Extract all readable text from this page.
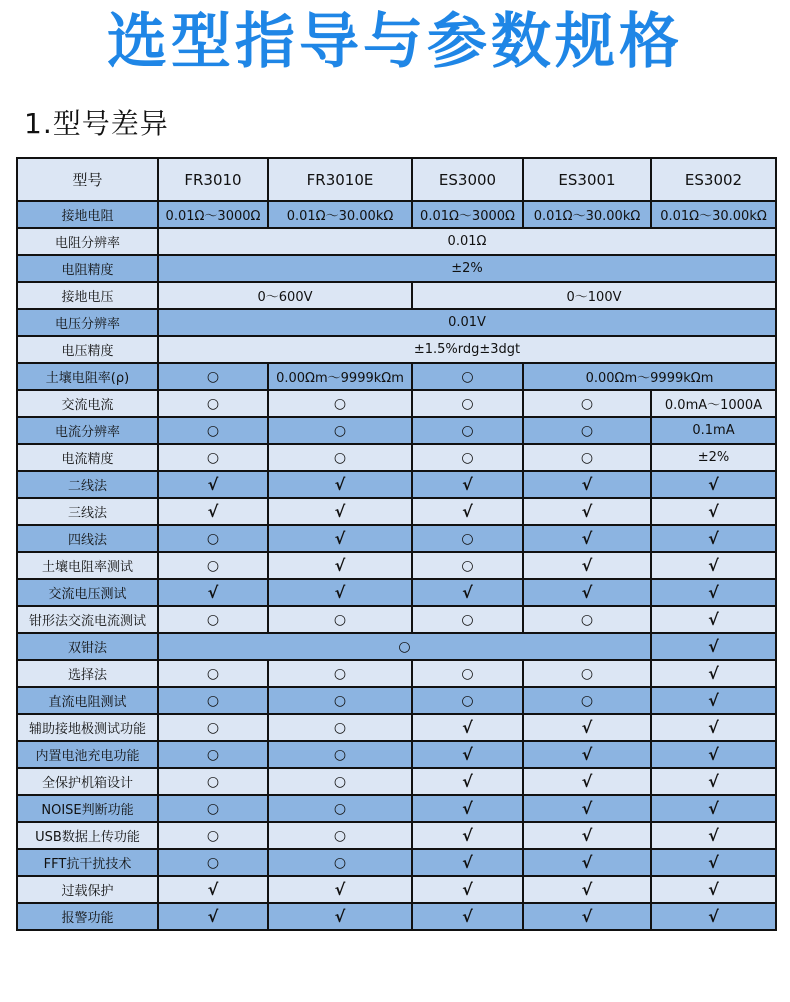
选型指导与参数规格
1.型号差异
型号	FR3010	FR3010E	ES3000	ES3001	ES3002
接地电阻	0.01Ω～3000Ω	0.01Ω～30.00kΩ	0.01Ω～3000Ω	0.01Ω～30.00kΩ	0.01Ω～30.00kΩ
电阻分辨率	0.01Ω				
电阻精度	±2%				
接地电压	0～600V		0～100V		
电压分辨率	0.01V				
电压精度	±1.5%rdg±3dgt				
土壤电阻率(ρ)	○	0.00Ωm～9999kΩm	○	0.00Ωm～9999kΩm	
交流电流	○	○	○	○	0.0mA～1000A
电流分辨率	○	○	○	○	0.1mA
电流精度	○	○	○	○	±2%
二线法	√	√	√	√	√
三线法	√	√	√	√	√
四线法	○	√	○	√	√
土壤电阻率测试	○	√	○	√	√
交流电压测试	√	√	√	√	√
钳形法交流电流测试	○	○	○	○	√
双钳法	○				√
选择法	○	○	○	○	√
直流电阻测试	○	○	○	○	√
辅助接地极测试功能	○	○	√	√	√
内置电池充电功能	○	○	√	√	√
全保护机箱设计	○	○	√	√	√
NOISE判断功能	○	○	√	√	√
USB数据上传功能	○	○	√	√	√
FFT抗干扰技术	○	○	√	√	√
过载保护	√	√	√	√	√
报警功能	√	√	√	√	√
